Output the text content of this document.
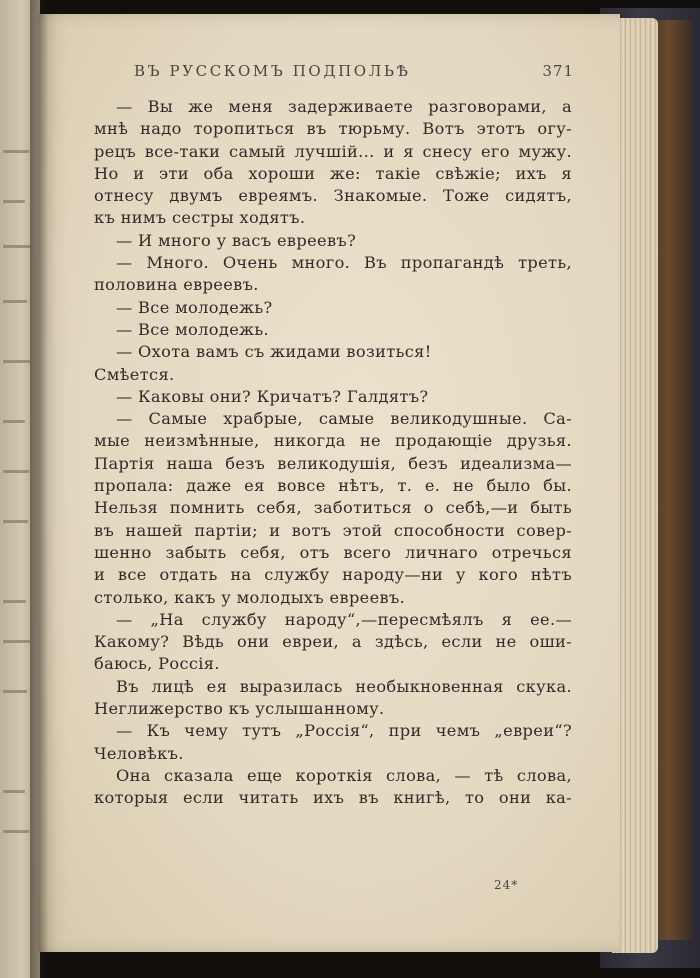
ВЪ РУССКОМЪ ПОДПОЛЬѢ	371
— Вы же меня задерживаете разговорами, а
мнѣ надо торопиться въ тюрьму. Вотъ этотъ огу-
рецъ все-таки самый лучшій... и я снесу его мужу.
Но и эти оба хороши же: такіе свѣжіе; ихъ я
отнесу двумъ евреямъ. Знакомые. Тоже сидятъ,
къ нимъ сестры ходятъ.
— И много у васъ евреевъ?
— Много. Очень много. Въ пропагандѣ треть,
половина евреевъ.
— Все молодежь?
— Все молодежь.
— Охота вамъ съ жидами возиться!
Смѣется.
— Каковы они? Кричатъ? Галдятъ?
— Самые храбрые, самые великодушные. Са-
мые неизмѣнные, никогда не продающіе друзья.
Партія наша безъ великодушія, безъ идеализма—
пропала: даже ея вовсе нѣтъ, т. е. не было бы.
Нельзя помнить себя, заботиться о себѣ,—и быть
въ нашей партіи; и вотъ этой способности совер-
шенно забыть себя, отъ всего личнаго отречься
и все отдать на службу народу—ни у кого нѣтъ
столько, какъ у молодыхъ евреевъ.
— „На службу народу“,—пересмѣялъ я ее.—
Какому? Вѣдь они евреи, а здѣсь, если не оши-
баюсь, Россія.
Въ лицѣ ея выразилась необыкновенная скука.
Неглижерство къ услышанному.
— Къ чему тутъ „Россія“, при чемъ „евреи“?
Человѣкъ.
Она сказала еще короткія слова, — тѣ слова,
которыя если читать ихъ въ книгѣ, то они ка-
24*
